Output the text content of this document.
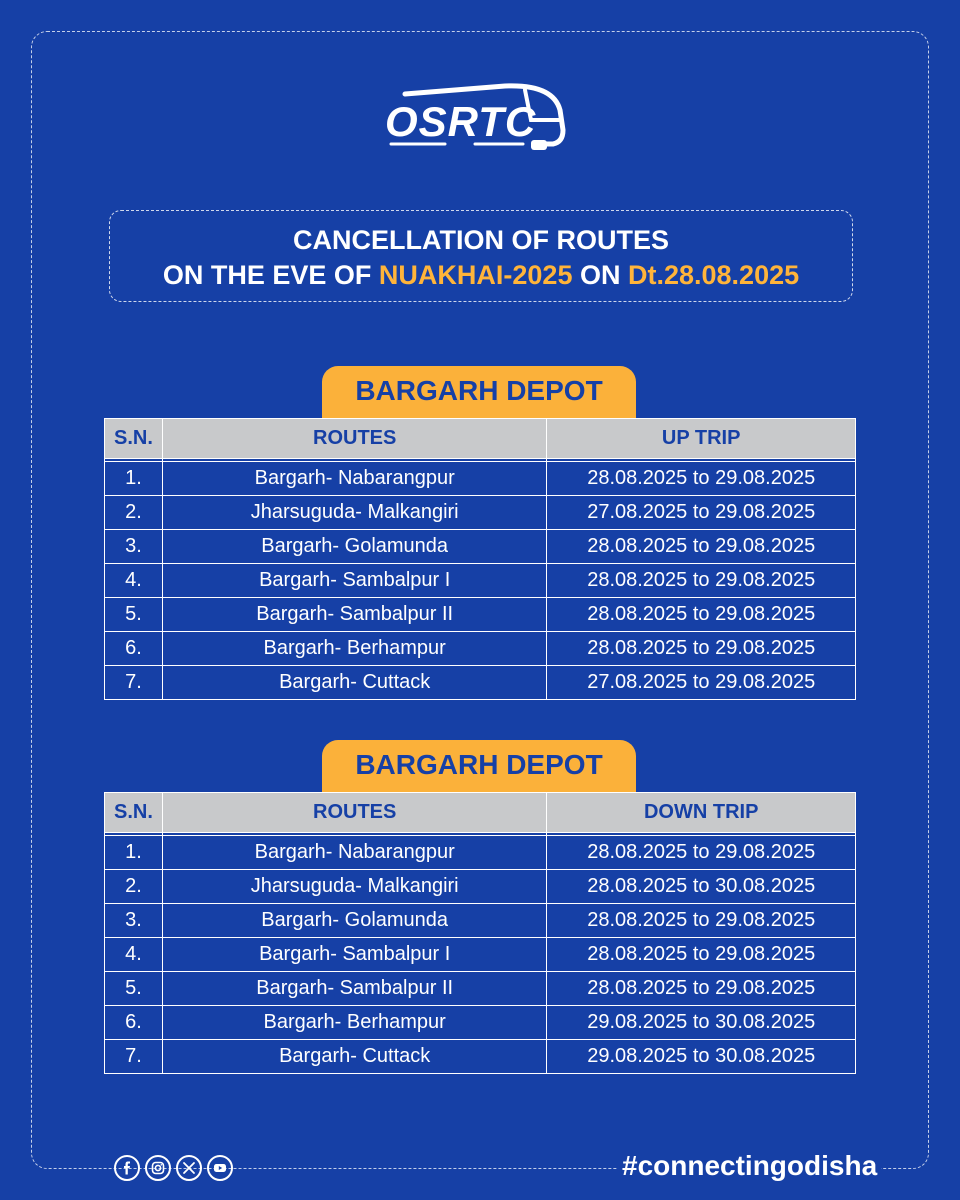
OSRTC
CANCELLATION OF ROUTES
ON THE EVE OF NUAKHAI-2025 ON Dt.28.08.2025
BARGARH DEPOT
S.N.	ROUTES	UP TRIP

1.	Bargarh- Nabarangpur	28.08.2025 to 29.08.2025
2.	Jharsuguda- Malkangiri	27.08.2025 to 29.08.2025
3.	Bargarh- Golamunda	28.08.2025 to 29.08.2025
4.	Bargarh- Sambalpur I	28.08.2025 to 29.08.2025
5.	Bargarh- Sambalpur II	28.08.2025 to 29.08.2025
6.	Bargarh- Berhampur	28.08.2025 to 29.08.2025
7.	Bargarh- Cuttack	27.08.2025 to 29.08.2025
BARGARH DEPOT
S.N.	ROUTES	DOWN TRIP

1.	Bargarh- Nabarangpur	28.08.2025 to 29.08.2025
2.	Jharsuguda- Malkangiri	28.08.2025 to 30.08.2025
3.	Bargarh- Golamunda	28.08.2025 to 29.08.2025
4.	Bargarh- Sambalpur I	28.08.2025 to 29.08.2025
5.	Bargarh- Sambalpur II	28.08.2025 to 29.08.2025
6.	Bargarh- Berhampur	29.08.2025 to 30.08.2025
7.	Bargarh- Cuttack	29.08.2025 to 30.08.2025
#connectingodisha
